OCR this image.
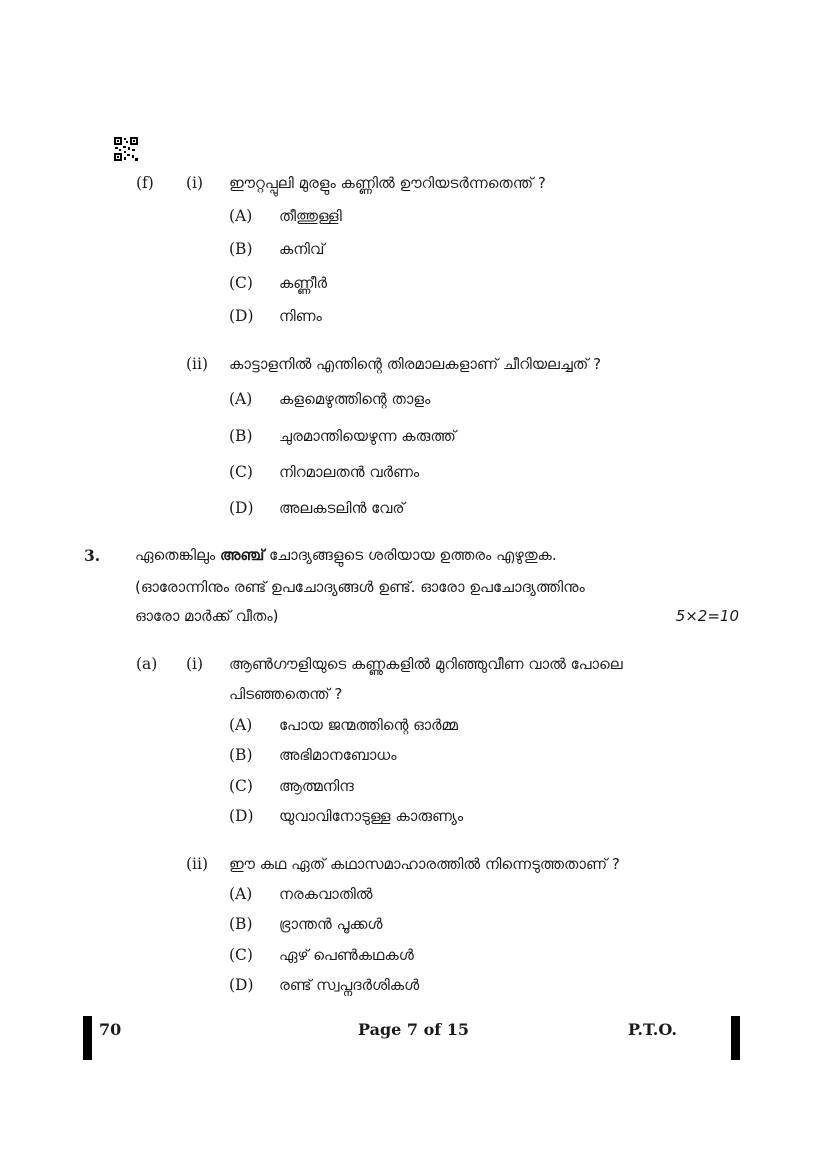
(f) (i) ഈറ്റപ്പുലി മുരളും കണ്ണിൽ ഊറിയടർന്നതെന്ത് ?
(A) തീത്തുള്ളി
(B) കനിവ്
(C) കണ്ണീർ
(D) നിണം
(ii) കാട്ടാളനിൽ എന്തിന്റെ തിരമാലകളാണ് ചീറിയലച്ചത് ?
(A) കളമെഴുത്തിന്റെ താളം
(B) ചുരമാന്തിയെഴുന്ന കരുത്ത്
(C) നിറമാലതൻ വർണം
(D) അലകടലിൻ വേര്
3. ഏതെങ്കിലും അഞ്ച് ചോദ്യങ്ങളുടെ ശരിയായ ഉത്തരം എഴുതുക.
(ഓരോന്നിനും രണ്ട് ഉപചോദ്യങ്ങൾ ഉണ്ട്. ഓരോ ഉപചോദ്യത്തിനും
ഓരോ മാർക്ക് വീതം)	5×2=10
(a) (i) ആൺഗൗളിയുടെ കണ്ണുകളിൽ മുറിഞ്ഞുവീണ വാൽ പോലെ
പിടഞ്ഞതെന്ത് ?
(A) പോയ ജന്മത്തിന്റെ ഓർമ്മ
(B) അഭിമാനബോധം
(C) ആത്മനിന്ദ
(D) യുവാവിനോടുള്ള കാരുണ്യം
(ii) ഈ കഥ ഏത് കഥാസമാഹാരത്തിൽ നിന്നെടുത്തതാണ് ?
(A) നരകവാതിൽ
(B) ഭ്രാന്തൻ പൂക്കൾ
(C) ഏഴ് പെൺകഥകൾ
(D) രണ്ട് സ്വപ്നദർശികൾ
70	Page 7 of 15	P.T.O.
